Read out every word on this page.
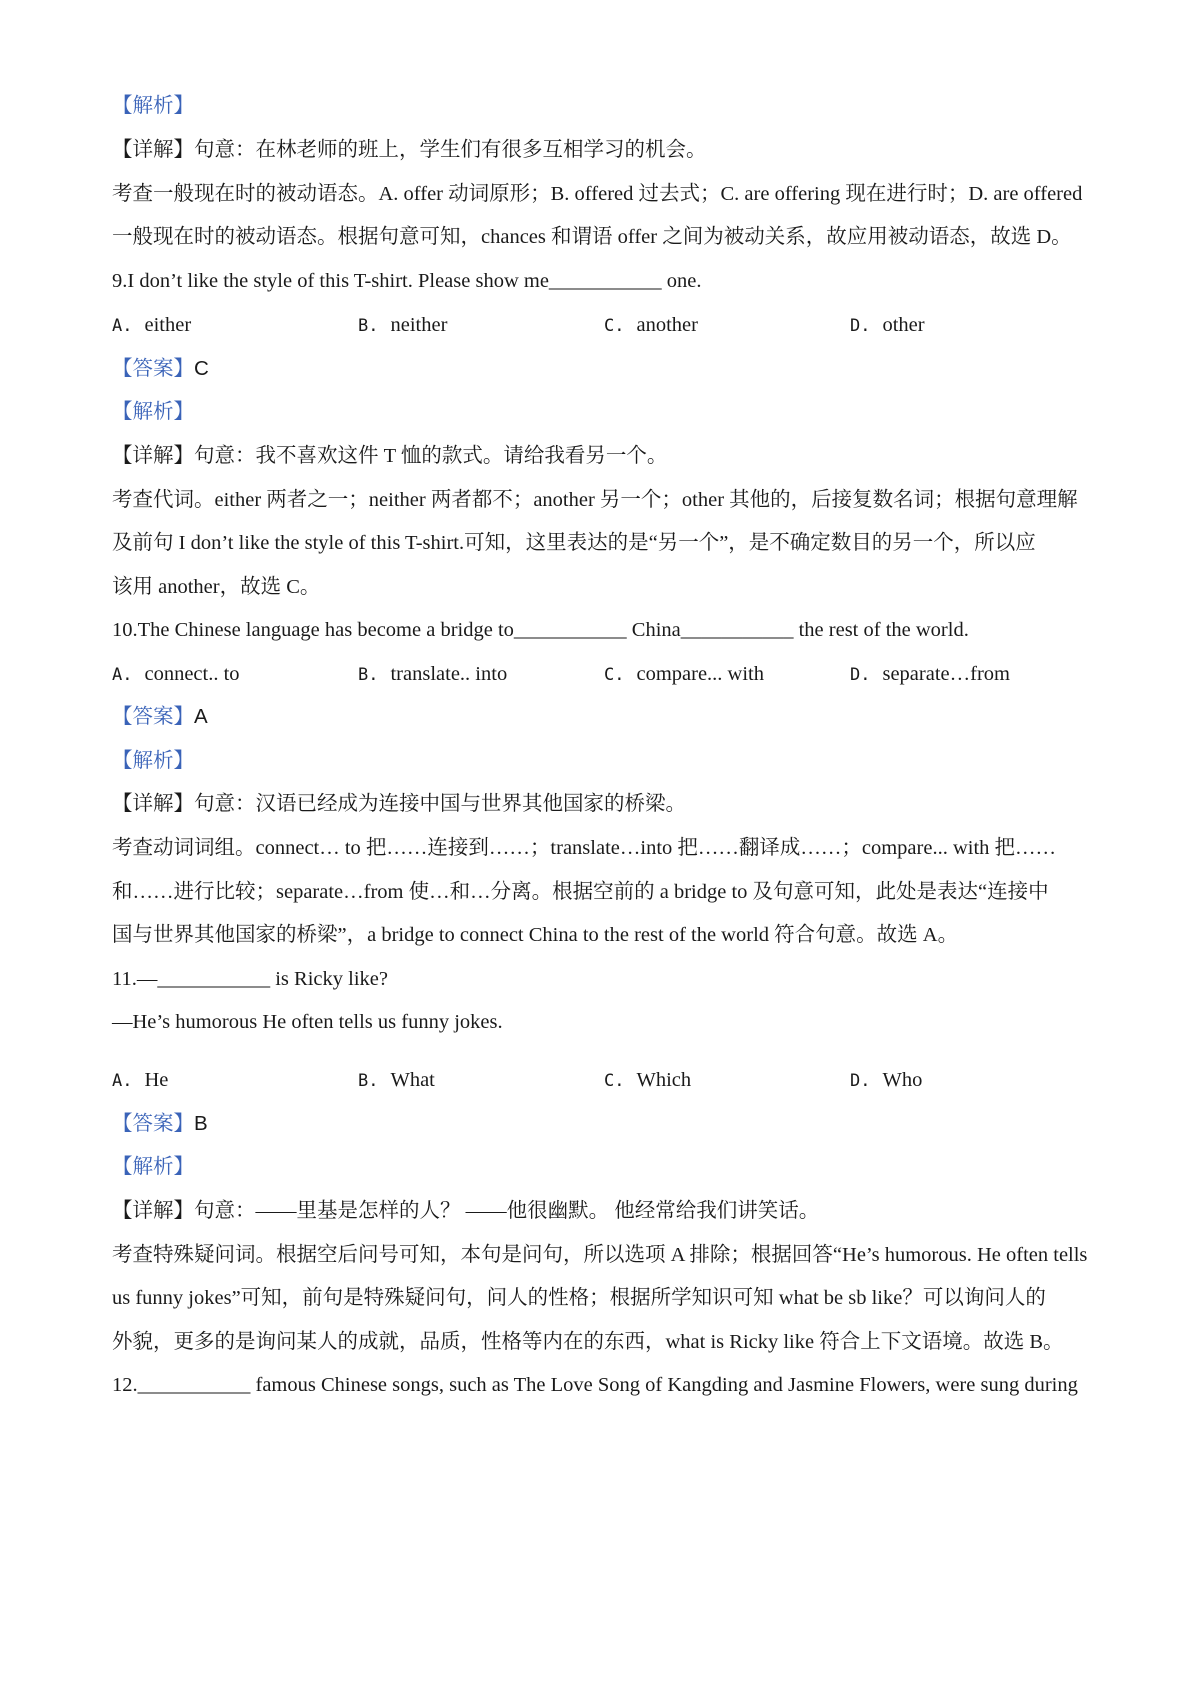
【解析】
【详解】句意：在林老师的班上，学生们有很多互相学习的机会。
考查一般现在时的被动语态。A. offer 动词原形；B. offered 过去式；C. are offering 现在进行时；D. are offered
一般现在时的被动语态。根据句意可知，chances 和谓语 offer 之间为被动关系，故应用被动语态，故选 D。
9.I don’t like the style of this T-shirt. Please show me___________ one.
A. either	B. neither	C. another	D. other
【答案】C
【解析】
【详解】句意：我不喜欢这件 T 恤的款式。请给我看另一个。
考查代词。either 两者之一；neither 两者都不；another 另一个；other 其他的，后接复数名词；根据句意理解
及前句 I don’t like the style of this T-shirt.可知，这里表达的是“另一个”，是不确定数目的另一个，所以应
该用 another，故选 C。
10.The Chinese language has become a bridge to___________ China___________ the rest of the world.
A. connect.. to	B. translate.. into	C. compare... with	D. separate…from
【答案】A
【解析】
【详解】句意：汉语已经成为连接中国与世界其他国家的桥梁。
考查动词词组。connect… to 把……连接到……；translate…into 把……翻译成……；compare... with 把……
和……进行比较；separate…from 使…和…分离。根据空前的 a bridge to 及句意可知，此处是表达“连接中
国与世界其他国家的桥梁”，a bridge to connect China to the rest of the world 符合句意。故选 A。
11.—___________ is Ricky like?
—He’s humorous He often tells us funny jokes.
A. He	B. What	C. Which	D. Who
【答案】B
【解析】
【详解】句意：——里基是怎样的人？ ——他很幽默。 他经常给我们讲笑话。
考查特殊疑问词。根据空后问号可知，本句是问句，所以选项 A 排除；根据回答“He’s humorous. He often tells
us funny jokes”可知，前句是特殊疑问句，问人的性格；根据所学知识可知 what be sb like？可以询问人的
外貌，更多的是询问某人的成就，品质，性格等内在的东西，what is Ricky like 符合上下文语境。故选 B。
12.___________ famous Chinese songs, such as The Love Song of Kangding and Jasmine Flowers, were sung during
